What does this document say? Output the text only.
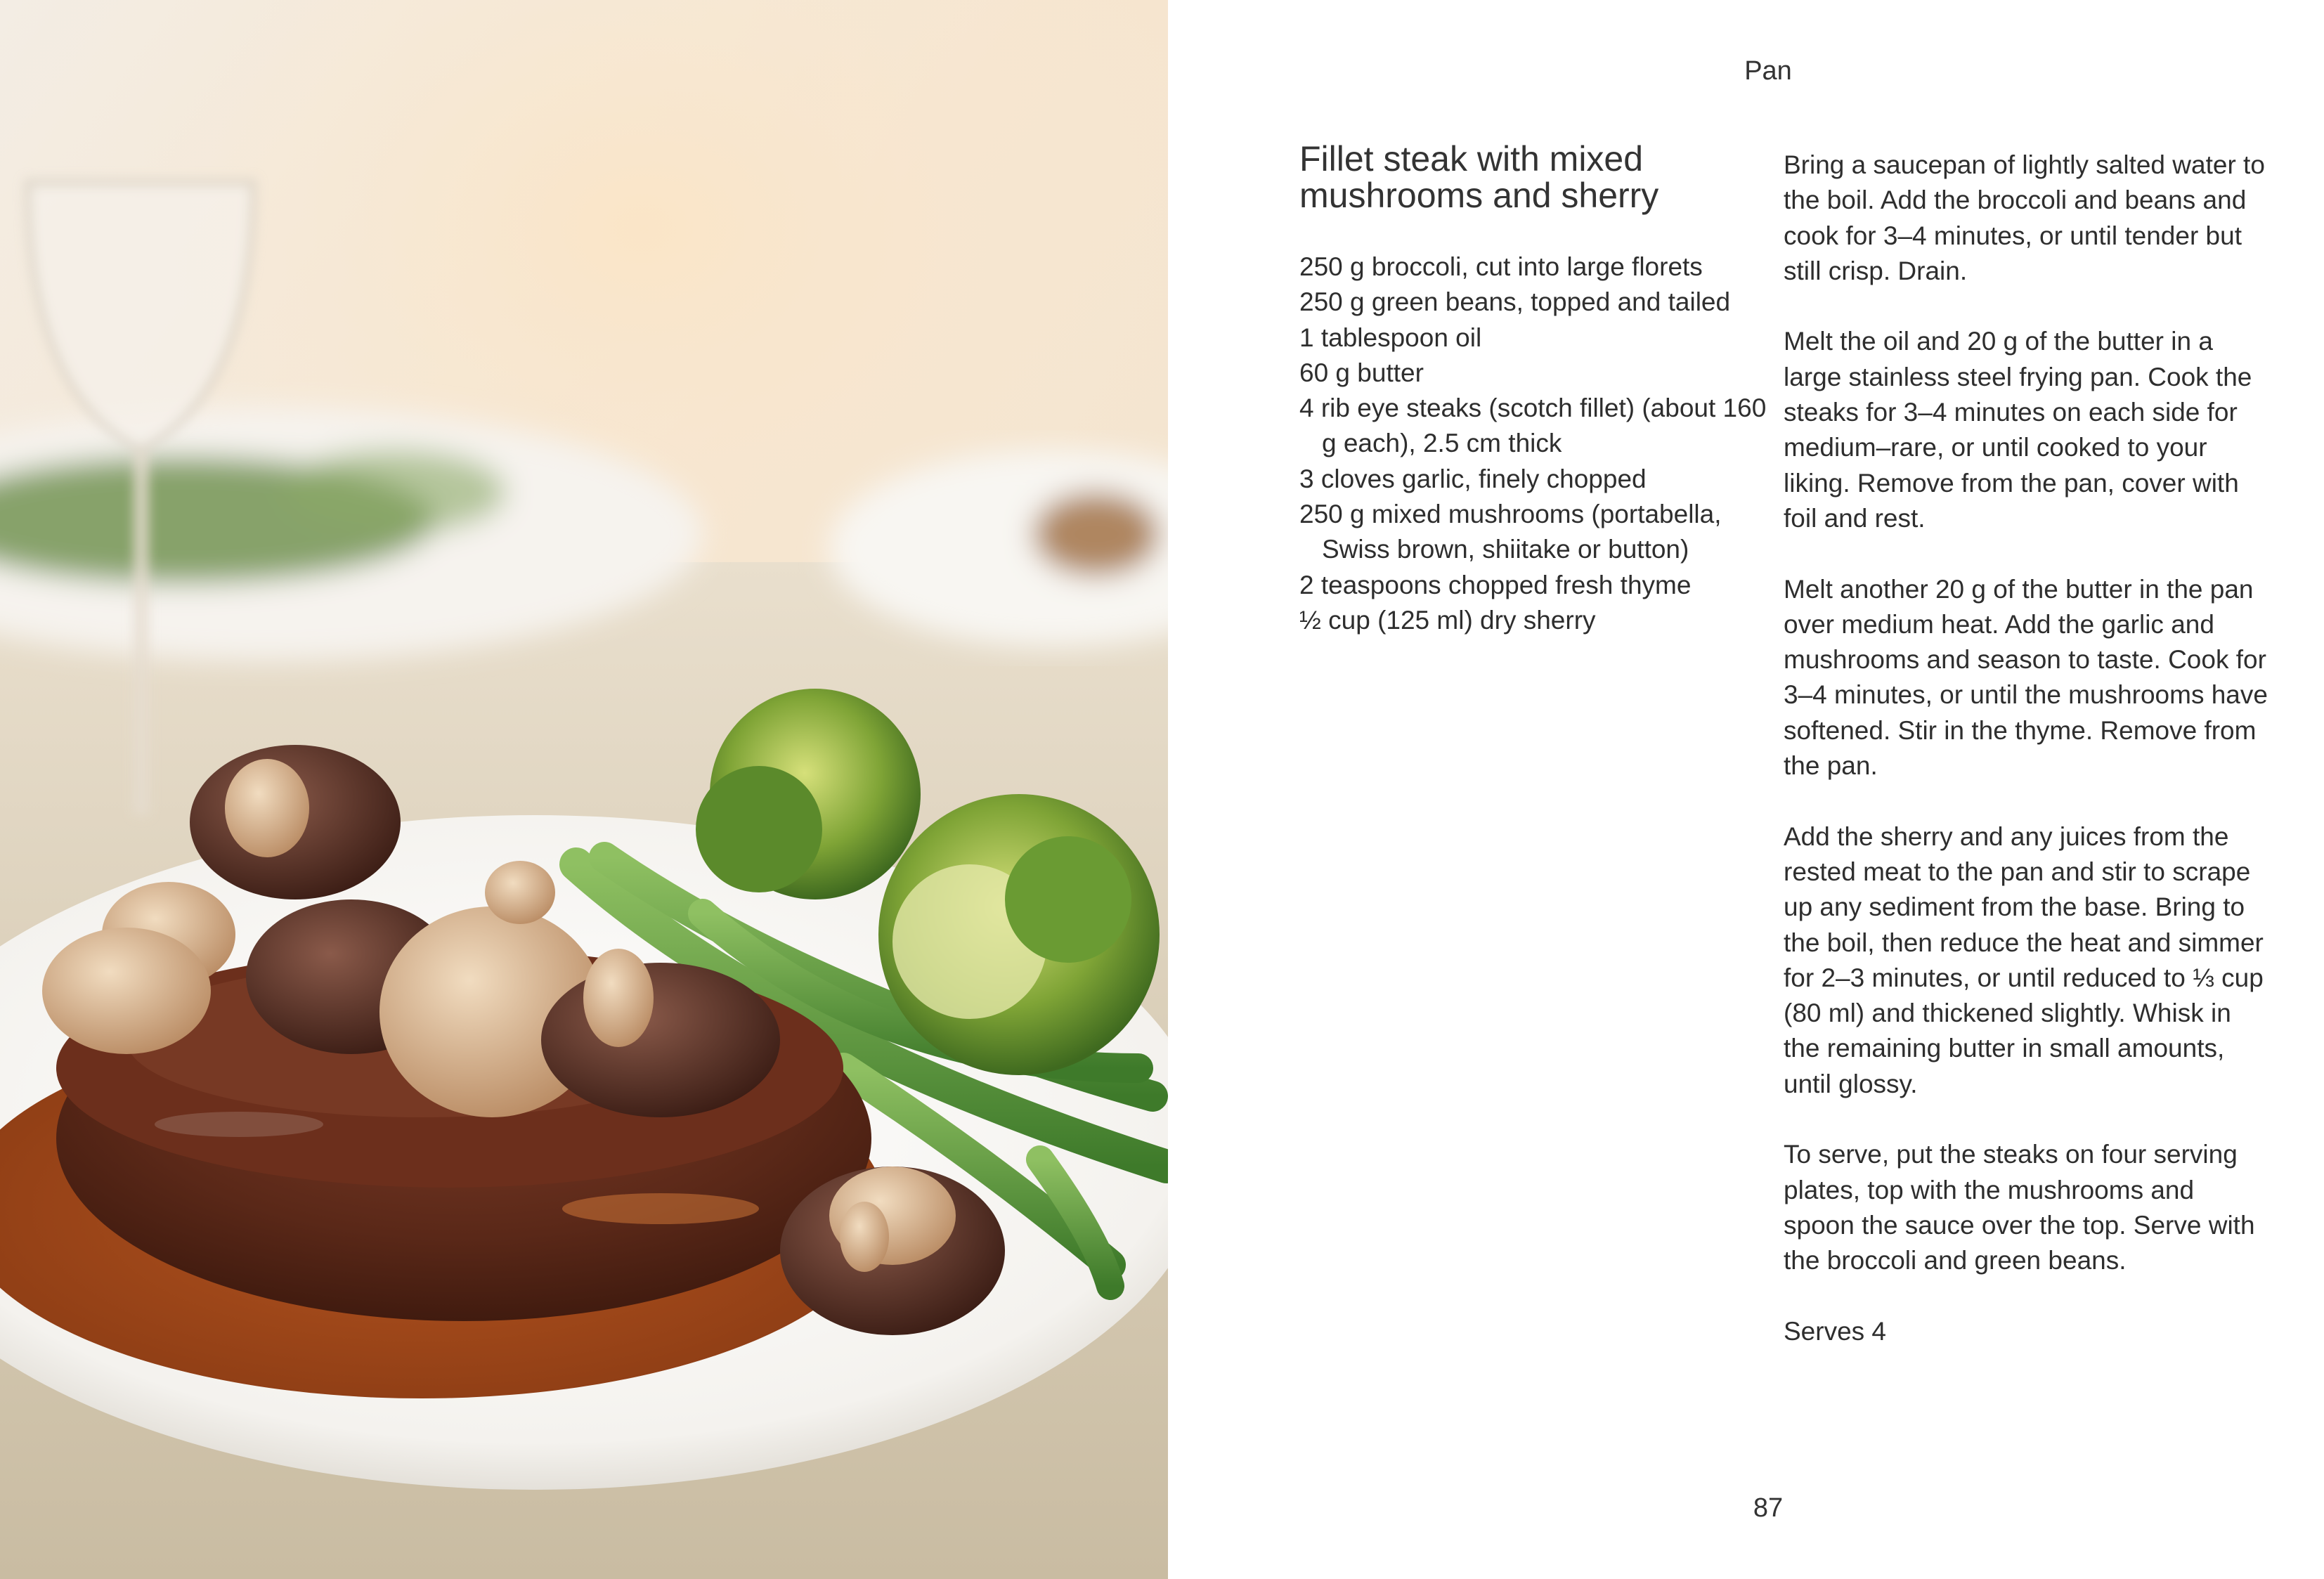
Pan
Fillet steak with mixed mushrooms and sherry
250 g broccoli, cut into large florets
250 g green beans, topped and tailed
1 tablespoon oil
60 g butter
4 rib eye steaks (scotch fillet) (about 160 g each), 2.5 cm thick
3 cloves garlic, finely chopped
250 g mixed mushrooms (portabella, Swiss brown, shiitake or button)
2 teaspoons chopped fresh thyme
½ cup (125 ml) dry sherry

Bring a saucepan of lightly salted water to the boil. Add the broccoli and beans and cook for 3–4 minutes, or until tender but still crisp. Drain.

Melt the oil and 20 g of the butter in a large stainless steel frying pan. Cook the steaks for 3–4 minutes on each side for medium–rare, or until cooked to your liking. Remove from the pan, cover with foil and rest.

Melt another 20 g of the butter in the pan over medium heat. Add the garlic and mushrooms and season to taste. Cook for 3–4 minutes, or until the mushrooms have softened. Stir in the thyme. Remove from the pan.

Add the sherry and any juices from the rested meat to the pan and stir to scrape up any sediment from the base. Bring to the boil, then reduce the heat and simmer for 2–3 minutes, or until reduced to ⅓ cup (80 ml) and thickened slightly. Whisk in the remaining butter in small amounts, until glossy.

To serve, put the steaks on four serving plates, top with the mushrooms and spoon the sauce over the top. Serve with the broccoli and green beans.

Serves 4

87
